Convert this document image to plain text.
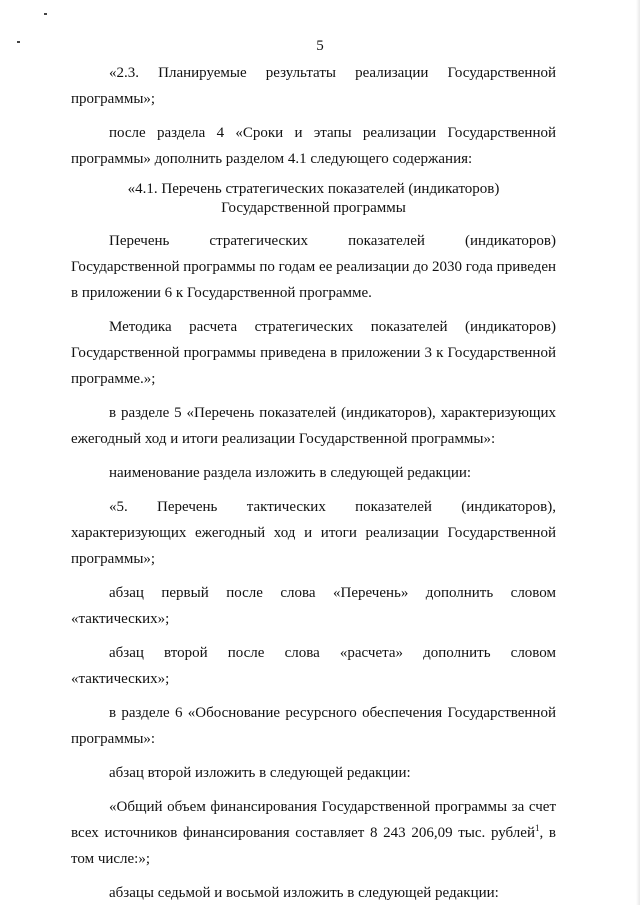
5

«2.3. Планируемые результаты реализации Государственной программы»;

после раздела 4 «Сроки и этапы реализации Государственной программы» дополнить разделом 4.1 следующего содержания:

«4.1. Перечень стратегических показателей (индикаторов)
Государственной программы

Перечень стратегических показателей (индикаторов) Государственной программы по годам ее реализации до 2030 года приведен в приложении 6 к Государственной программе.

Методика расчета стратегических показателей (индикаторов) Государственной программы приведена в приложении 3 к Государственной программе.»;

в разделе 5 «Перечень показателей (индикаторов), характеризующих ежегодный ход и итоги реализации Государственной программы»:

наименование раздела изложить в следующей редакции:

«5. Перечень тактических показателей (индикаторов), характеризующих ежегодный ход и итоги реализации Государственной программы»;

абзац первый после слова «Перечень» дополнить словом «тактических»;

абзац второй после слова «расчета» дополнить словом «тактических»;

в разделе 6 «Обоснование ресурсного обеспечения Государственной программы»:

абзац второй изложить в следующей редакции:

«Общий объем финансирования Государственной программы за счет всех источников финансирования составляет 8 243 206,09 тыс. рублей$^1$, в том числе:»;

абзацы седьмой и восьмой изложить в следующей редакции:
